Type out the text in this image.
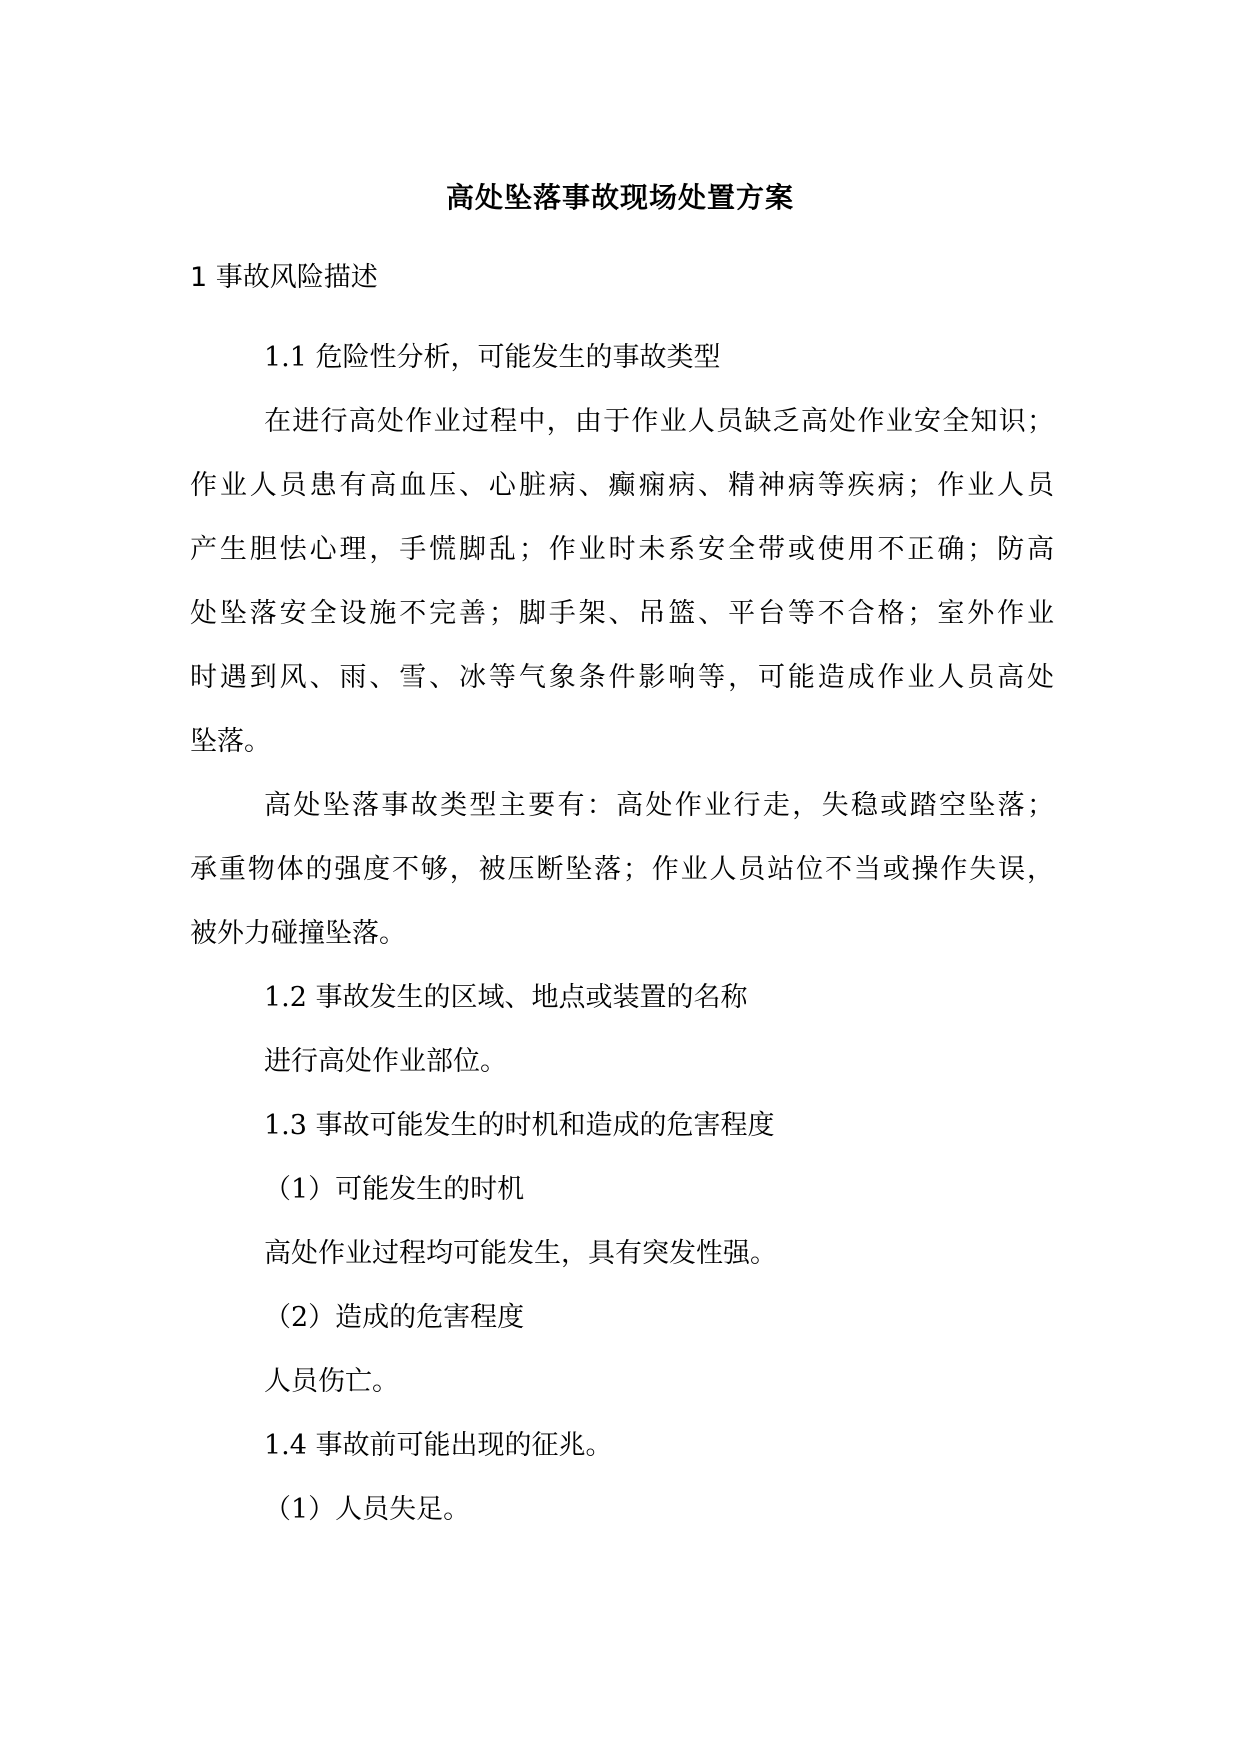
高处坠落事故现场处置方案
1 事故风险描述
1.1 危险性分析，可能发生的事故类型
在进行高处作业过程中，由于作业人员缺乏高处作业安全知识；
作业人员患有高血压、心脏病、癫痫病、精神病等疾病；作业人员
产生胆怯心理，手慌脚乱；作业时未系安全带或使用不正确；防高
处坠落安全设施不完善；脚手架、吊篮、平台等不合格；室外作业
时遇到风、雨、雪、冰等气象条件影响等，可能造成作业人员高处
坠落。
高处坠落事故类型主要有：高处作业行走，失稳或踏空坠落；
承重物体的强度不够，被压断坠落；作业人员站位不当或操作失误，
被外力碰撞坠落。
1.2 事故发生的区域、地点或装置的名称
进行高处作业部位。
1.3 事故可能发生的时机和造成的危害程度
（1）可能发生的时机
高处作业过程均可能发生，具有突发性强。
（2）造成的危害程度
人员伤亡。
1.4 事故前可能出现的征兆。
（1）人员失足。
